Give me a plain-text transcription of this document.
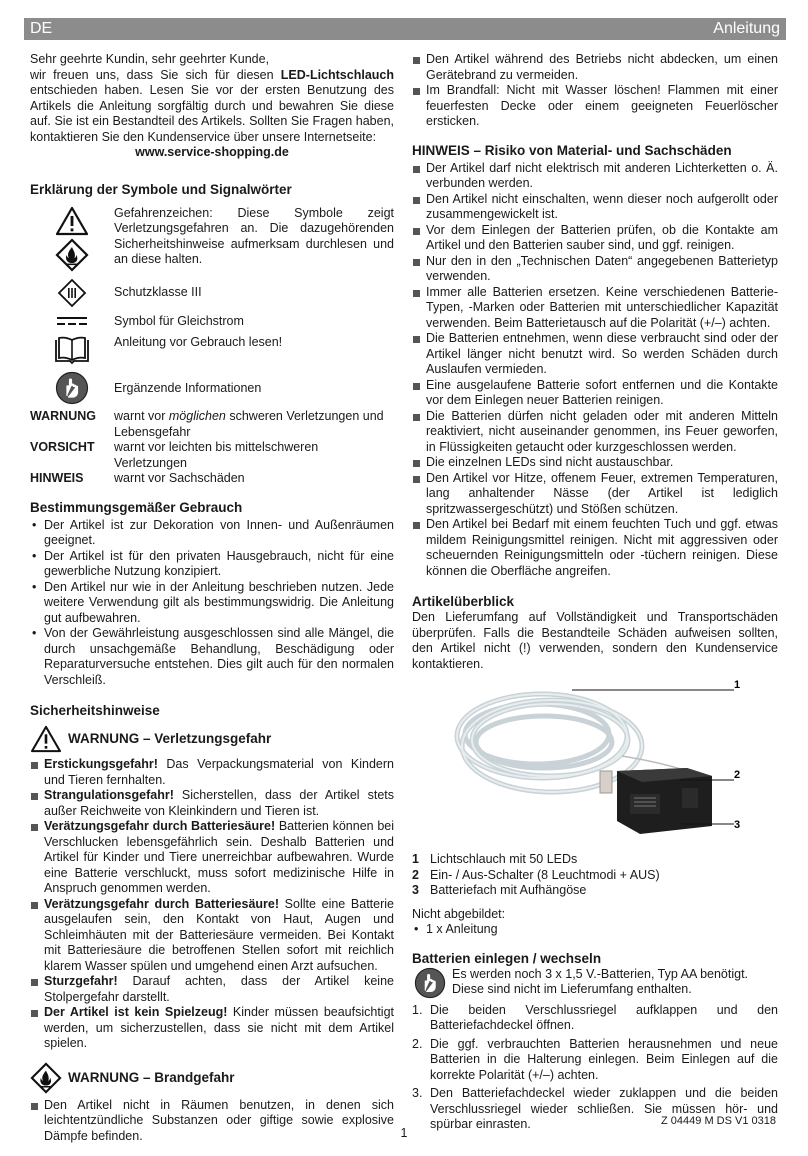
DE	Anleitung

Sehr geehrte Kundin, sehr geehrter Kunde,

wir freuen uns, dass Sie sich für diesen LED-Lichtschlauch entschieden haben. Lesen Sie vor der ersten Benutzung des Artikels die Anleitung sorgfältig durch und bewahren Sie diese auf. Sie ist ein Bestandteil des Artikels. Sollten Sie Fragen haben, kontaktieren Sie den Kundenservice über unsere Internetseite:

www.service-shopping.de

Erklärung der Symbole und Signalwörter
Gefahrenzeichen: Diese Symbole zeigt Verletzungsgefahren an. Die dazugehörenden Sicherheitshinweise aufmerksam durchlesen und an diese halten.
Schutzklasse III
Symbol für Gleichstrom
Anleitung vor Gebrauch lesen!
Ergänzende Informationen
WARNUNG	warnt vor möglichen schweren Verletzungen und Lebensgefahr
VORSICHT	warnt vor leichten bis mittelschweren Verletzungen
HINWEIS	warnt vor Sachschäden
Bestimmungsgemäßer Gebrauch
• Der Artikel ist zur Dekoration von Innen- und Außenräumen geeignet.
• Der Artikel ist für den privaten Hausgebrauch, nicht für eine gewerbliche Nutzung konzipiert.
• Den Artikel nur wie in der Anleitung beschrieben nutzen. Jede weitere Verwendung gilt als bestimmungswidrig. Die Anleitung gut aufbewahren.
• Von der Gewährleistung ausgeschlossen sind alle Mängel, die durch unsachgemäße Behandlung, Beschädigung oder Reparaturversuche entstehen. Dies gilt auch für den normalen Verschleiß.
Sicherheitshinweise
WARNUNG – Verletzungsgefahr
Erstickungsgefahr! Das Verpackungsmaterial von Kindern und Tieren fernhalten.
Strangulationsgefahr! Sicherstellen, dass der Artikel stets außer Reichweite von Kleinkindern und Tieren ist.
Verätzungsgefahr durch Batteriesäure! Batterien können bei Verschlucken lebensgefährlich sein. Deshalb Batterien und Artikel für Kinder und Tiere unerreichbar aufbewahren. Wurde eine Batterie verschluckt, muss sofort medizinische Hilfe in Anspruch genommen werden.
Verätzungsgefahr durch Batteriesäure! Sollte eine Batterie ausgelaufen sein, den Kontakt von Haut, Augen und Schleimhäuten mit der Batteriesäure vermeiden. Bei Kontakt mit Batteriesäure die betroffenen Stellen sofort mit reichlich klarem Wasser spülen und umgehend einen Arzt aufsuchen.
Sturzgefahr! Darauf achten, dass der Artikel keine Stolpergefahr darstellt.
Der Artikel ist kein Spielzeug! Kinder müssen beaufsichtigt werden, um sicherzustellen, dass sie nicht mit dem Artikel spielen.
WARNUNG – Brandgefahr
Den Artikel nicht in Räumen benutzen, in denen sich leichtentzündliche Substanzen oder giftige sowie explosive Dämpfe befinden.
Den Artikel während des Betriebs nicht abdecken, um einen Gerätebrand zu vermeiden.
Im Brandfall: Nicht mit Wasser löschen! Flammen mit einer feuerfesten Decke oder einem geeigneten Feuerlöscher ersticken.
HINWEIS – Risiko von Material- und Sachschäden
Der Artikel darf nicht elektrisch mit anderen Lichterketten o. Ä. verbunden werden.
Den Artikel nicht einschalten, wenn dieser noch aufgerollt oder zusammengewickelt ist.
Vor dem Einlegen der Batterien prüfen, ob die Kontakte am Artikel und den Batterien sauber sind, und ggf. reinigen.
Nur den in den „Technischen Daten“ angegebenen Batterietyp verwenden.
Immer alle Batterien ersetzen. Keine verschiedenen Batterie-Typen, -Marken oder Batterien mit unterschiedlicher Kapazität verwenden. Beim Batterietausch auf die Polarität (+/–) achten.
Die Batterien entnehmen, wenn diese verbraucht sind oder der Artikel länger nicht benutzt wird. So werden Schäden durch Auslaufen vermieden.
Eine ausgelaufene Batterie sofort entfernen und die Kontakte vor dem Einlegen neuer Batterien reinigen.
Die Batterien dürfen nicht geladen oder mit anderen Mitteln reaktiviert, nicht auseinander genommen, ins Feuer geworfen, in Flüssigkeiten getaucht oder kurzgeschlossen werden.
Die einzelnen LEDs sind nicht austauschbar.
Den Artikel vor Hitze, offenem Feuer, extremen Temperaturen, lang anhaltender Nässe (der Artikel ist lediglich spritzwassergeschützt) und Stößen schützen.
Den Artikel bei Bedarf mit einem feuchten Tuch und ggf. etwas mildem Reinigungsmittel reinigen. Nicht mit aggressiven oder scheuernden Reinigungsmitteln oder -tüchern reinigen. Diese können die Oberfläche angreifen.
Artikelüberblick

Den Lieferumfang auf Vollständigkeit und Transportschäden überprüfen. Falls die Bestandteile Schäden aufweisen sollten, den Artikel nicht (!) verwenden, sondern den Kundenservice kontaktieren.

1
2
3
1 Lichtschlauch mit 50 LEDs
2 Ein- / Aus-Schalter (8 Leuchtmodi + AUS)
3 Batteriefach mit Aufhängöse

Nicht abgebildet:

• 1 x Anleitung
Batterien einlegen / wechseln

Es werden noch 3 x 1,5 V.-Batterien, Typ AA benötigt. Diese sind nicht im Lieferumfang enthalten.

1. Die beiden Verschlussriegel aufklappen und den Batteriefachdeckel öffnen.
2. Die ggf. verbrauchten Batterien herausnehmen und neue Batterien in die Halterung einlegen. Beim Einlegen auf die korrekte Polarität (+/–) achten.
3. Den Batteriefachdeckel wieder zuklappen und die beiden Verschlussriegel wieder schließen. Sie müssen hör- und spürbar einrasten.	Z 04449 M DS V1 0318
1
